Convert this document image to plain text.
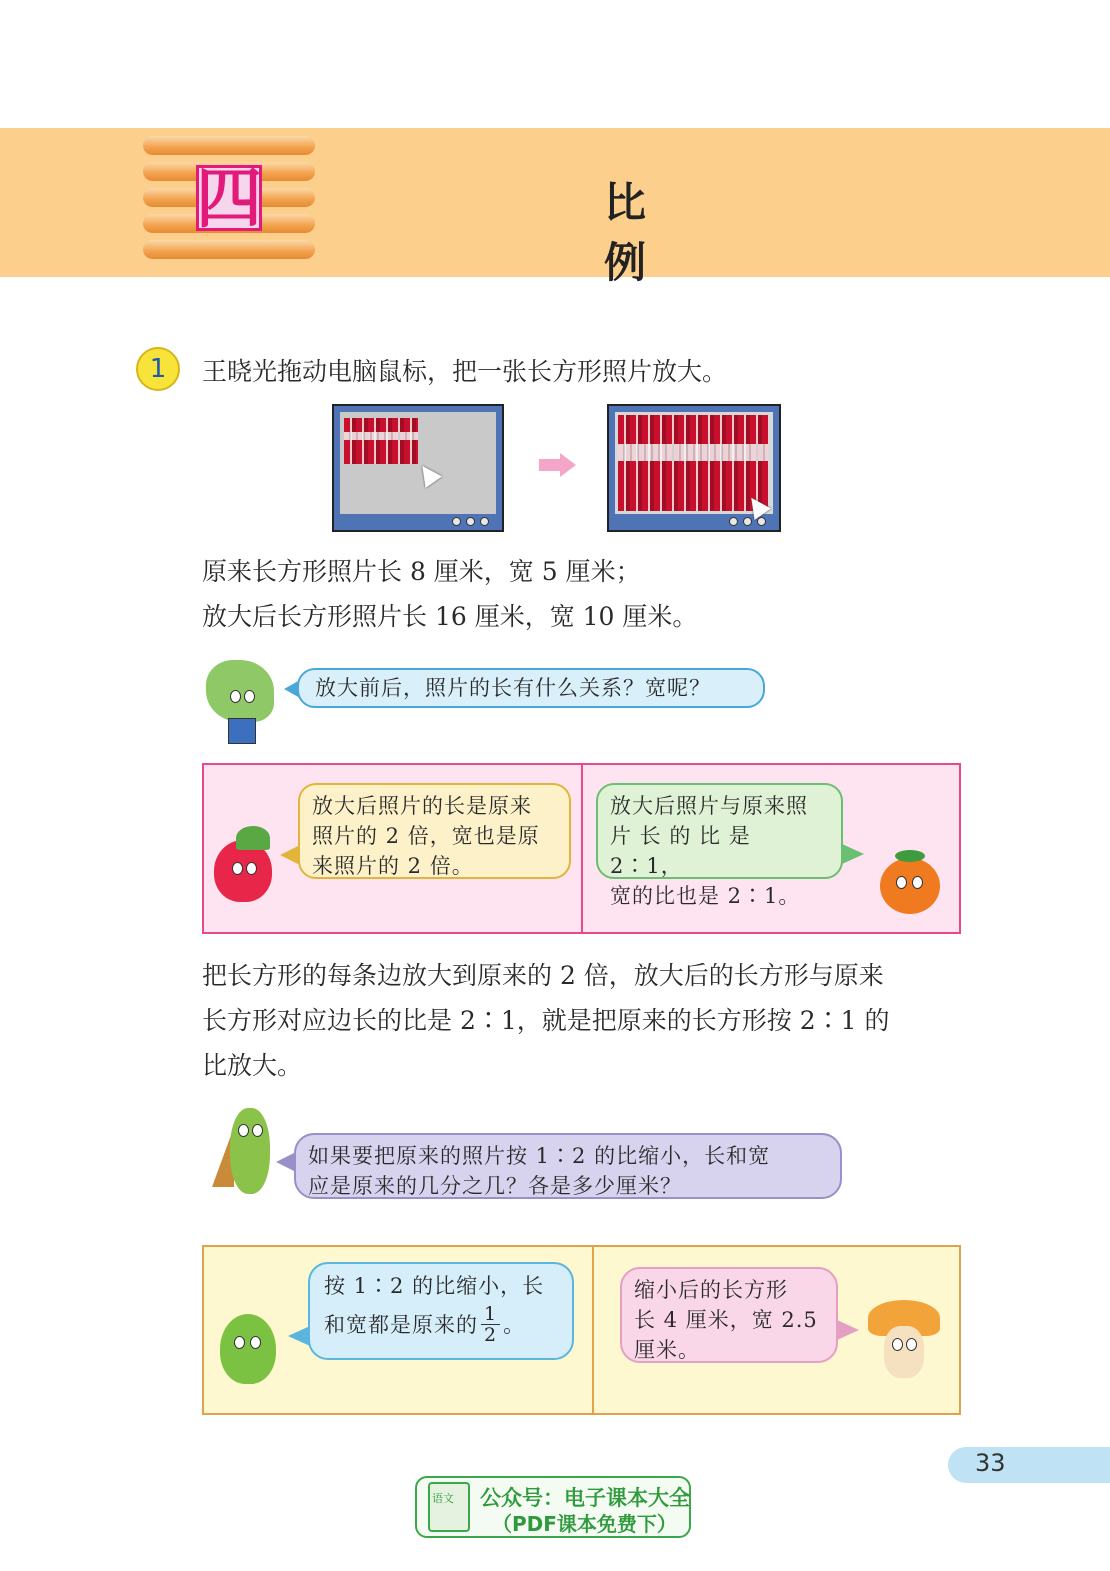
四	比 例
1	王晓光拖动电脑鼠标，把一张长方形照片放大。
原来长方形照片长 8 厘米，宽 5 厘米；
放大后长方形照片长 16 厘米，宽 10 厘米。
放大前后，照片的长有什么关系？宽呢？
放大后照片的长是原来
照片的 2 倍，宽也是原
来照片的 2 倍。
放大后照片与原来照
片 长 的 比 是 2∶1，
宽的比也是 2∶1。
把长方形的每条边放大到原来的 2 倍，放大后的长方形与原来
长方形对应边长的比是 2∶1，就是把原来的长方形按 2∶1 的
比放大。
如果要把原来的照片按 1∶2 的比缩小，长和宽
应是原来的几分之几？各是多少厘米？
按 1∶2 的比缩小，长
和宽都是原来的 1
2 。
缩小后的长方形
长 4 厘米，宽 2.5
厘米。
33
语文 公众号：电子课本大全
（PDF课本免费下）
